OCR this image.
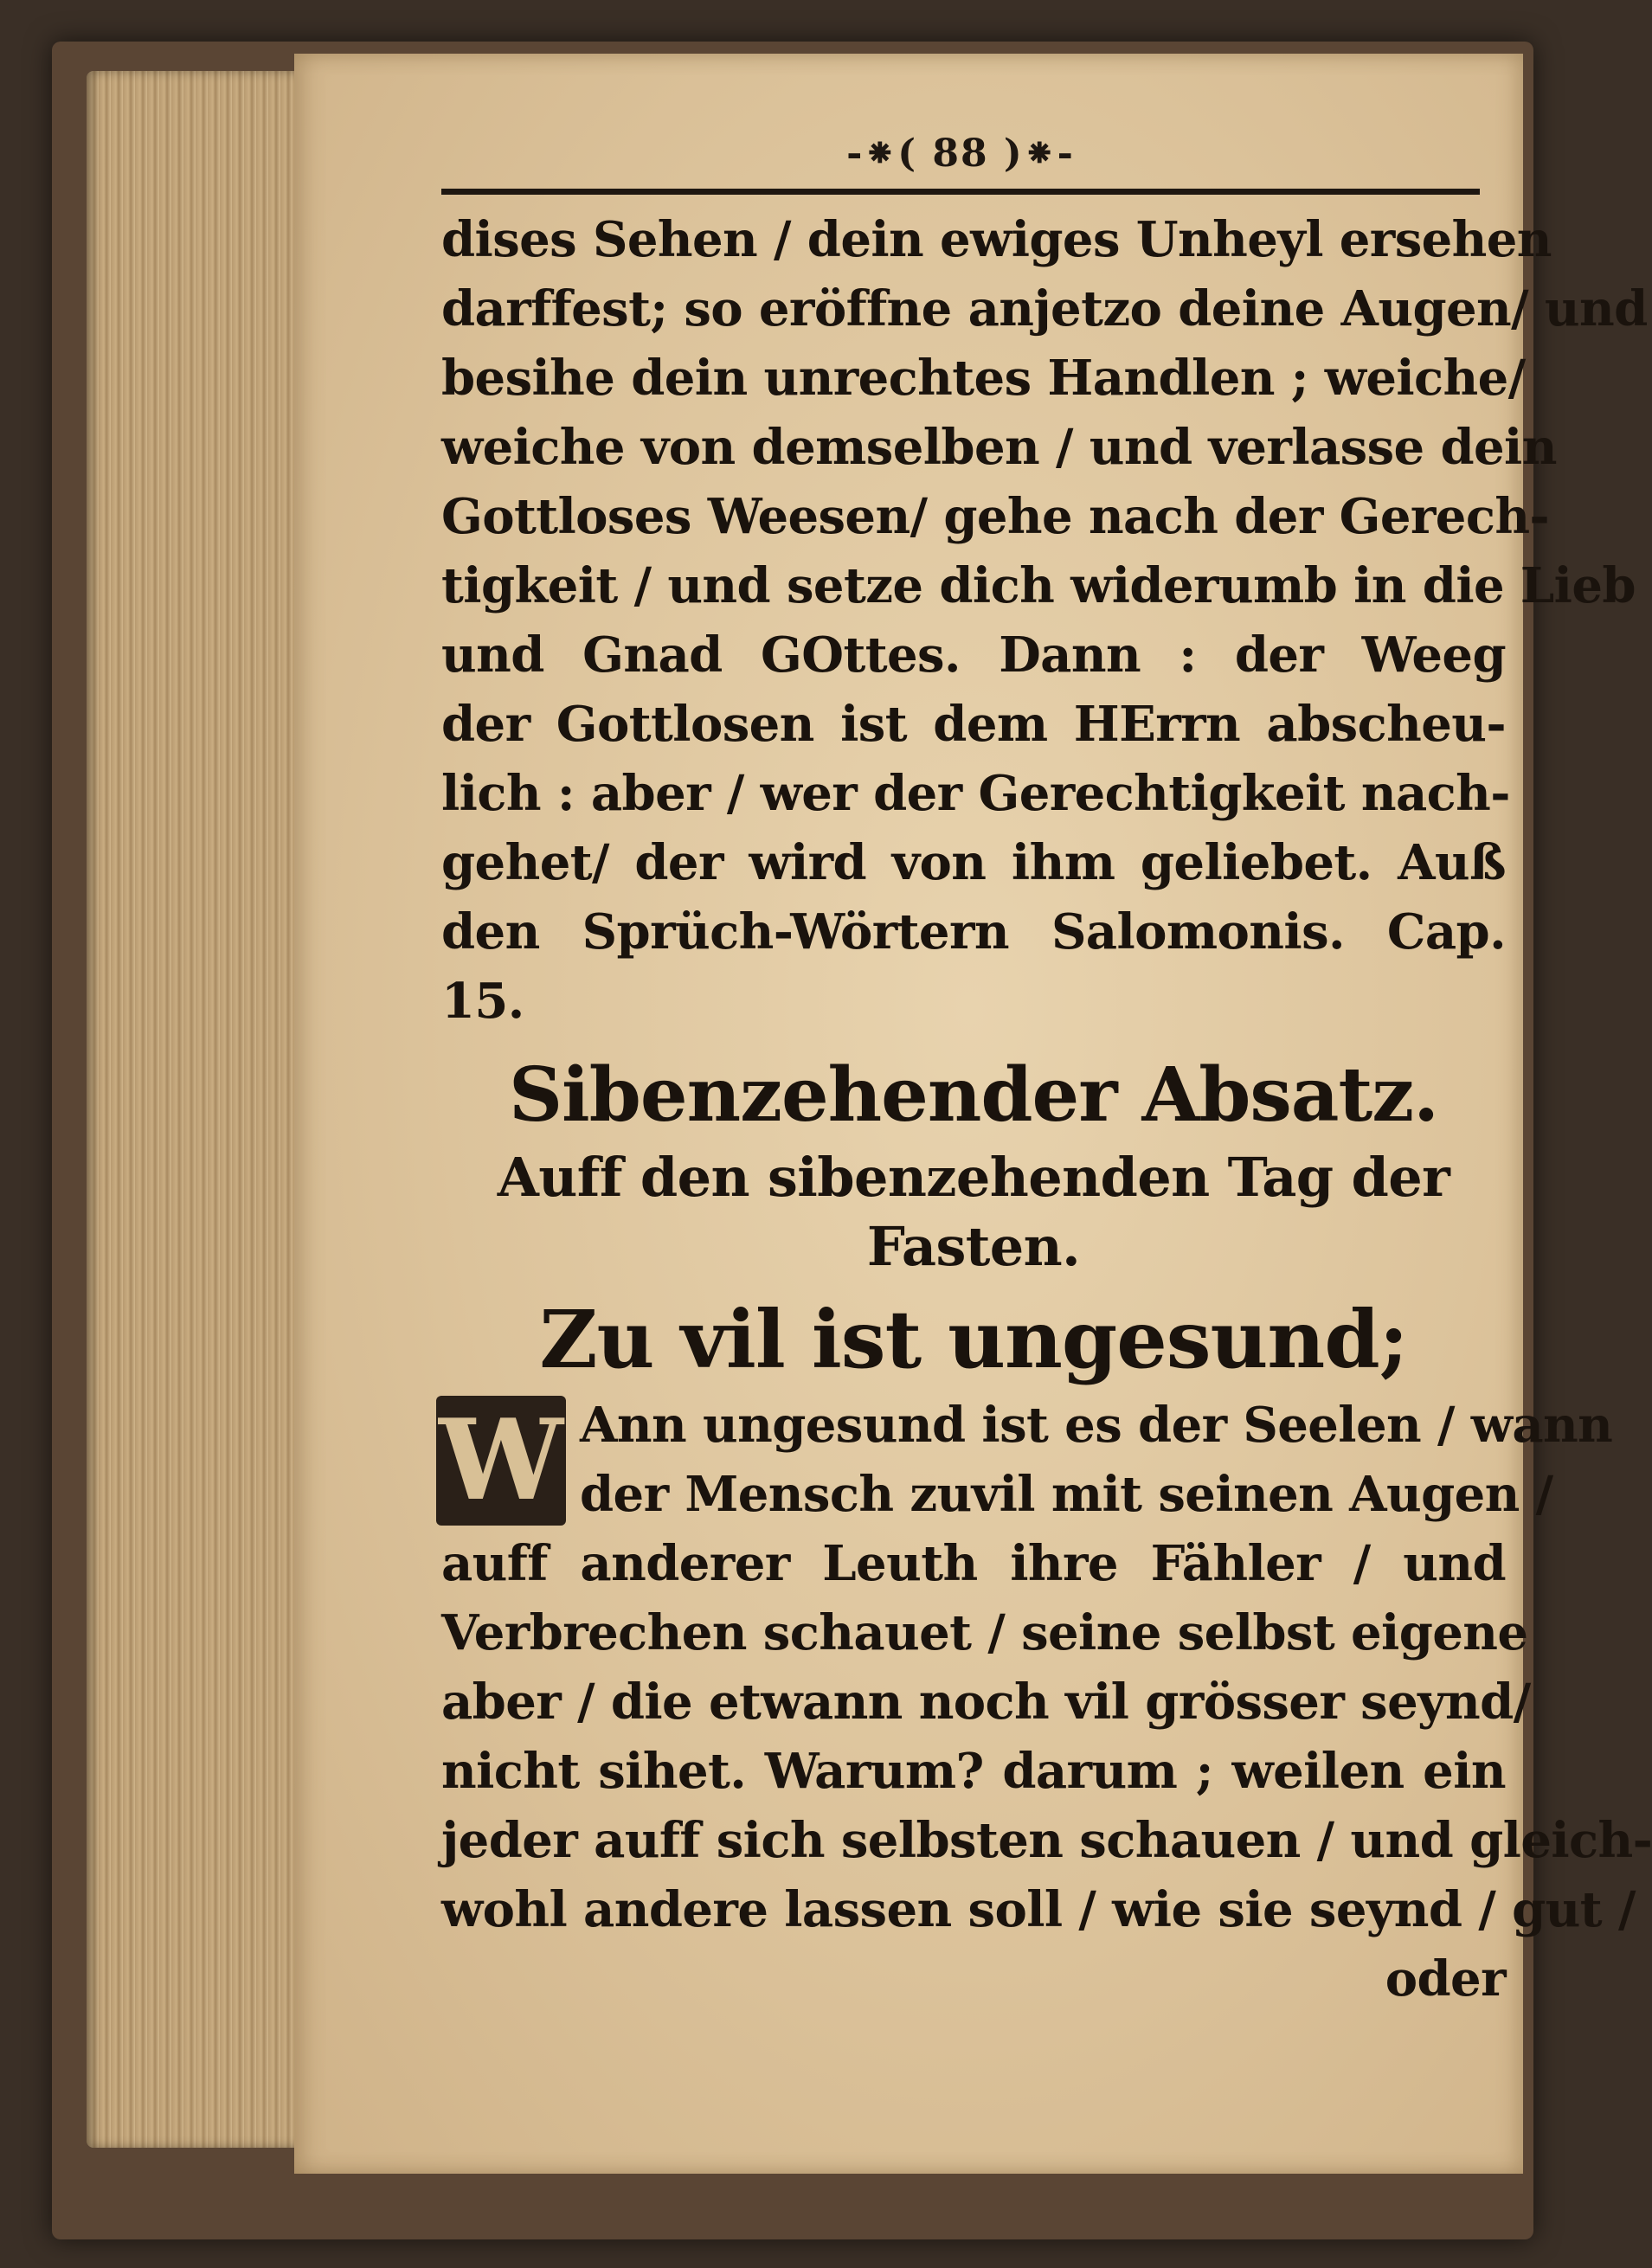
-⁕( 88 )⁕-
dises Sehen / dein ewiges Unheyl ersehen
darffest; so eröffne anjetzo deine Augen/ und
besihe dein unrechtes Handlen ; weiche/
weiche von demselben / und verlasse dein
Gottloses Weesen/ gehe nach der Gerech-
tigkeit / und setze dich widerumb in die Lieb
und Gnad GOttes. Dann : der Weeg
der Gottlosen ist dem HErrn abscheu-
lich : aber / wer der Gerechtigkeit nach-
gehet/ der wird von ihm geliebet. Auß
den Sprüch-Wörtern Salomonis. Cap.
15.
Sibenzehender Absatz.
Auff den sibenzehenden Tag der
Fasten.
Zu vil ist ungesund;
W Ann ungesund ist es der Seelen / wann
der Mensch zuvil mit seinen Augen /
auff anderer Leuth ihre Fähler / und
Verbrechen schauet / seine selbst eigene
aber / die etwann noch vil grösser seynd/
nicht sihet. Warum? darum ; weilen ein
jeder auff sich selbsten schauen / und gleich-
wohl andere lassen soll / wie sie seynd / gut /
oder
